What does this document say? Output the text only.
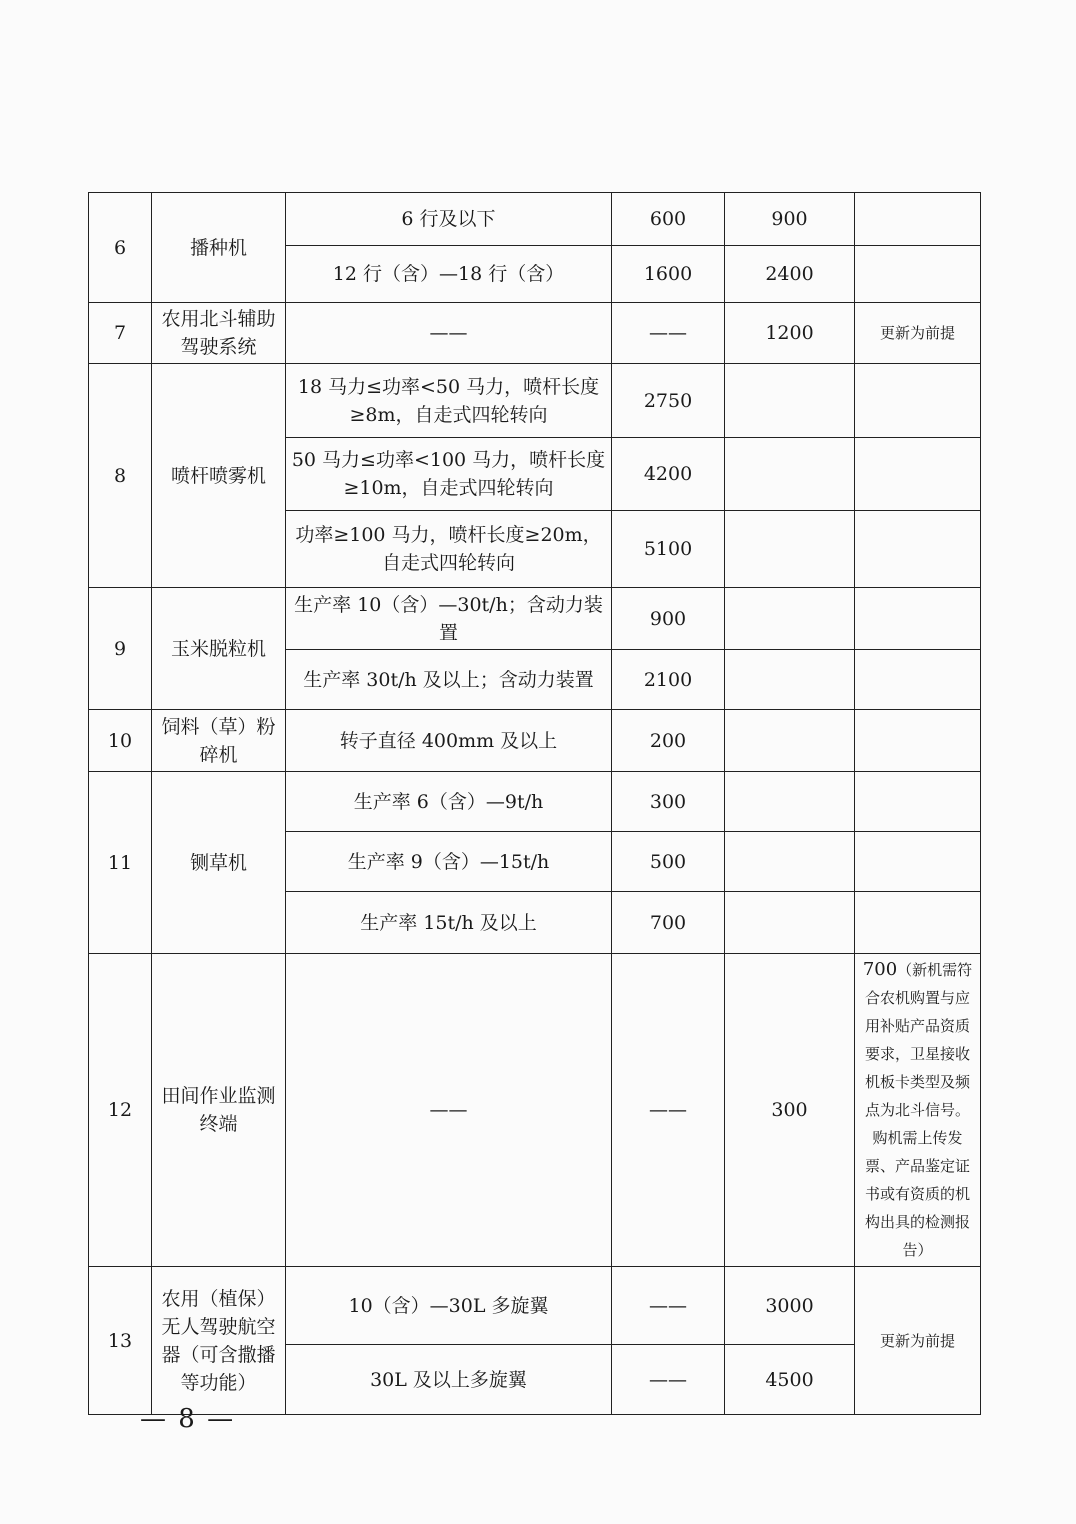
6	播种机	6 行及以下	600	900	
		12 行（含）—18 行（含）	1600	2400	
7	农用北斗辅助驾驶系统	——	——	1200	更新为前提
8	喷杆喷雾机	18 马力≤功率<50 马力，喷杆长度≥8m，自走式四轮转向	2750		
		50 马力≤功率<100 马力，喷杆长度≥10m，自走式四轮转向	4200		
		功率≥100 马力，喷杆长度≥20m，自走式四轮转向	5100		
9	玉米脱粒机	生产率 10（含）—30t/h；含动力装置	900		
		生产率 30t/h 及以上；含动力装置	2100		
10	饲料（草）粉碎机	转子直径 400mm 及以上	200		
11	铡草机	生产率 6（含）—9t/h	300		
		生产率 9（含）—15t/h	500		
		生产率 15t/h 及以上	700		
12	田间作业监测终端	——	——	300	700（新机需符合农机购置与应用补贴产品资质要求，卫星接收机板卡类型及频点为北斗信号。购机需上传发票、产品鉴定证书或有资质的机构出具的检测报告）
13	农用（植保）无人驾驶航空器（可含撒播等功能）	10（含）—30L 多旋翼	——	3000	更新为前提
		30L 及以上多旋翼	——	4500	
— 8 —
